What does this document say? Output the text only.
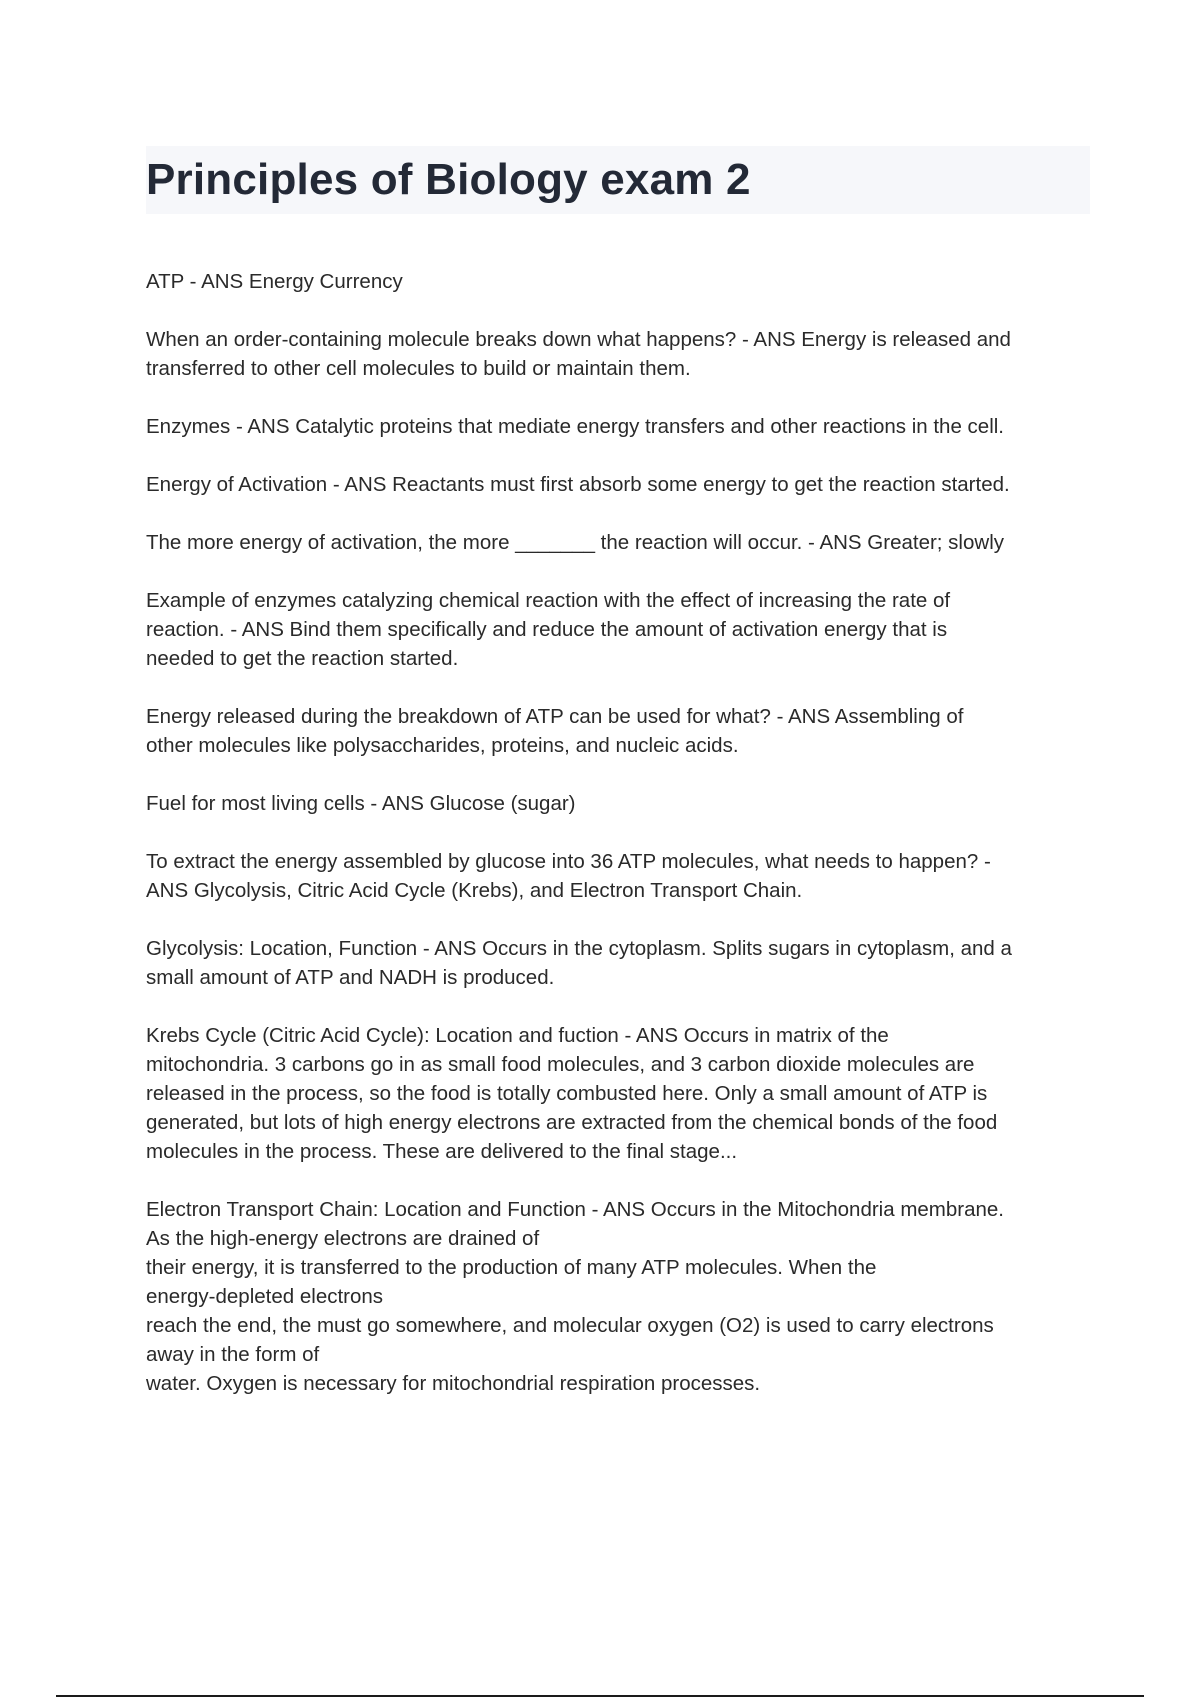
Principles of Biology exam 2

ATP - ANS Energy Currency

When an order-containing molecule breaks down what happens? - ANS Energy is released and
transferred to other cell molecules to build or maintain them.

Enzymes - ANS Catalytic proteins that mediate energy transfers and other reactions in the cell.

Energy of Activation - ANS Reactants must first absorb some energy to get the reaction started.

The more energy of activation, the more _______ the reaction will occur. - ANS Greater; slowly

Example of enzymes catalyzing chemical reaction with the effect of increasing the rate of
reaction. - ANS Bind them specifically and reduce the amount of activation energy that is
needed to get the reaction started.

Energy released during the breakdown of ATP can be used for what? - ANS Assembling of
other molecules like polysaccharides, proteins, and nucleic acids.

Fuel for most living cells - ANS Glucose (sugar)

To extract the energy assembled by glucose into 36 ATP molecules, what needs to happen? -
ANS Glycolysis, Citric Acid Cycle (Krebs), and Electron Transport Chain.

Glycolysis: Location, Function - ANS Occurs in the cytoplasm. Splits sugars in cytoplasm, and a
small amount of ATP and NADH is produced.

Krebs Cycle (Citric Acid Cycle): Location and fuction - ANS Occurs in matrix of the
mitochondria. 3 carbons go in as small food molecules, and 3 carbon dioxide molecules are
released in the process, so the food is totally combusted here. Only a small amount of ATP is
generated, but lots of high energy electrons are extracted from the chemical bonds of the food
molecules in the process. These are delivered to the final stage...

Electron Transport Chain: Location and Function - ANS Occurs in the Mitochondria membrane.
As the high-energy electrons are drained of
their energy, it is transferred to the production of many ATP molecules. When the
energy-depleted electrons
reach the end, the must go somewhere, and molecular oxygen (O2) is used to carry electrons
away in the form of
water. Oxygen is necessary for mitochondrial respiration processes.
